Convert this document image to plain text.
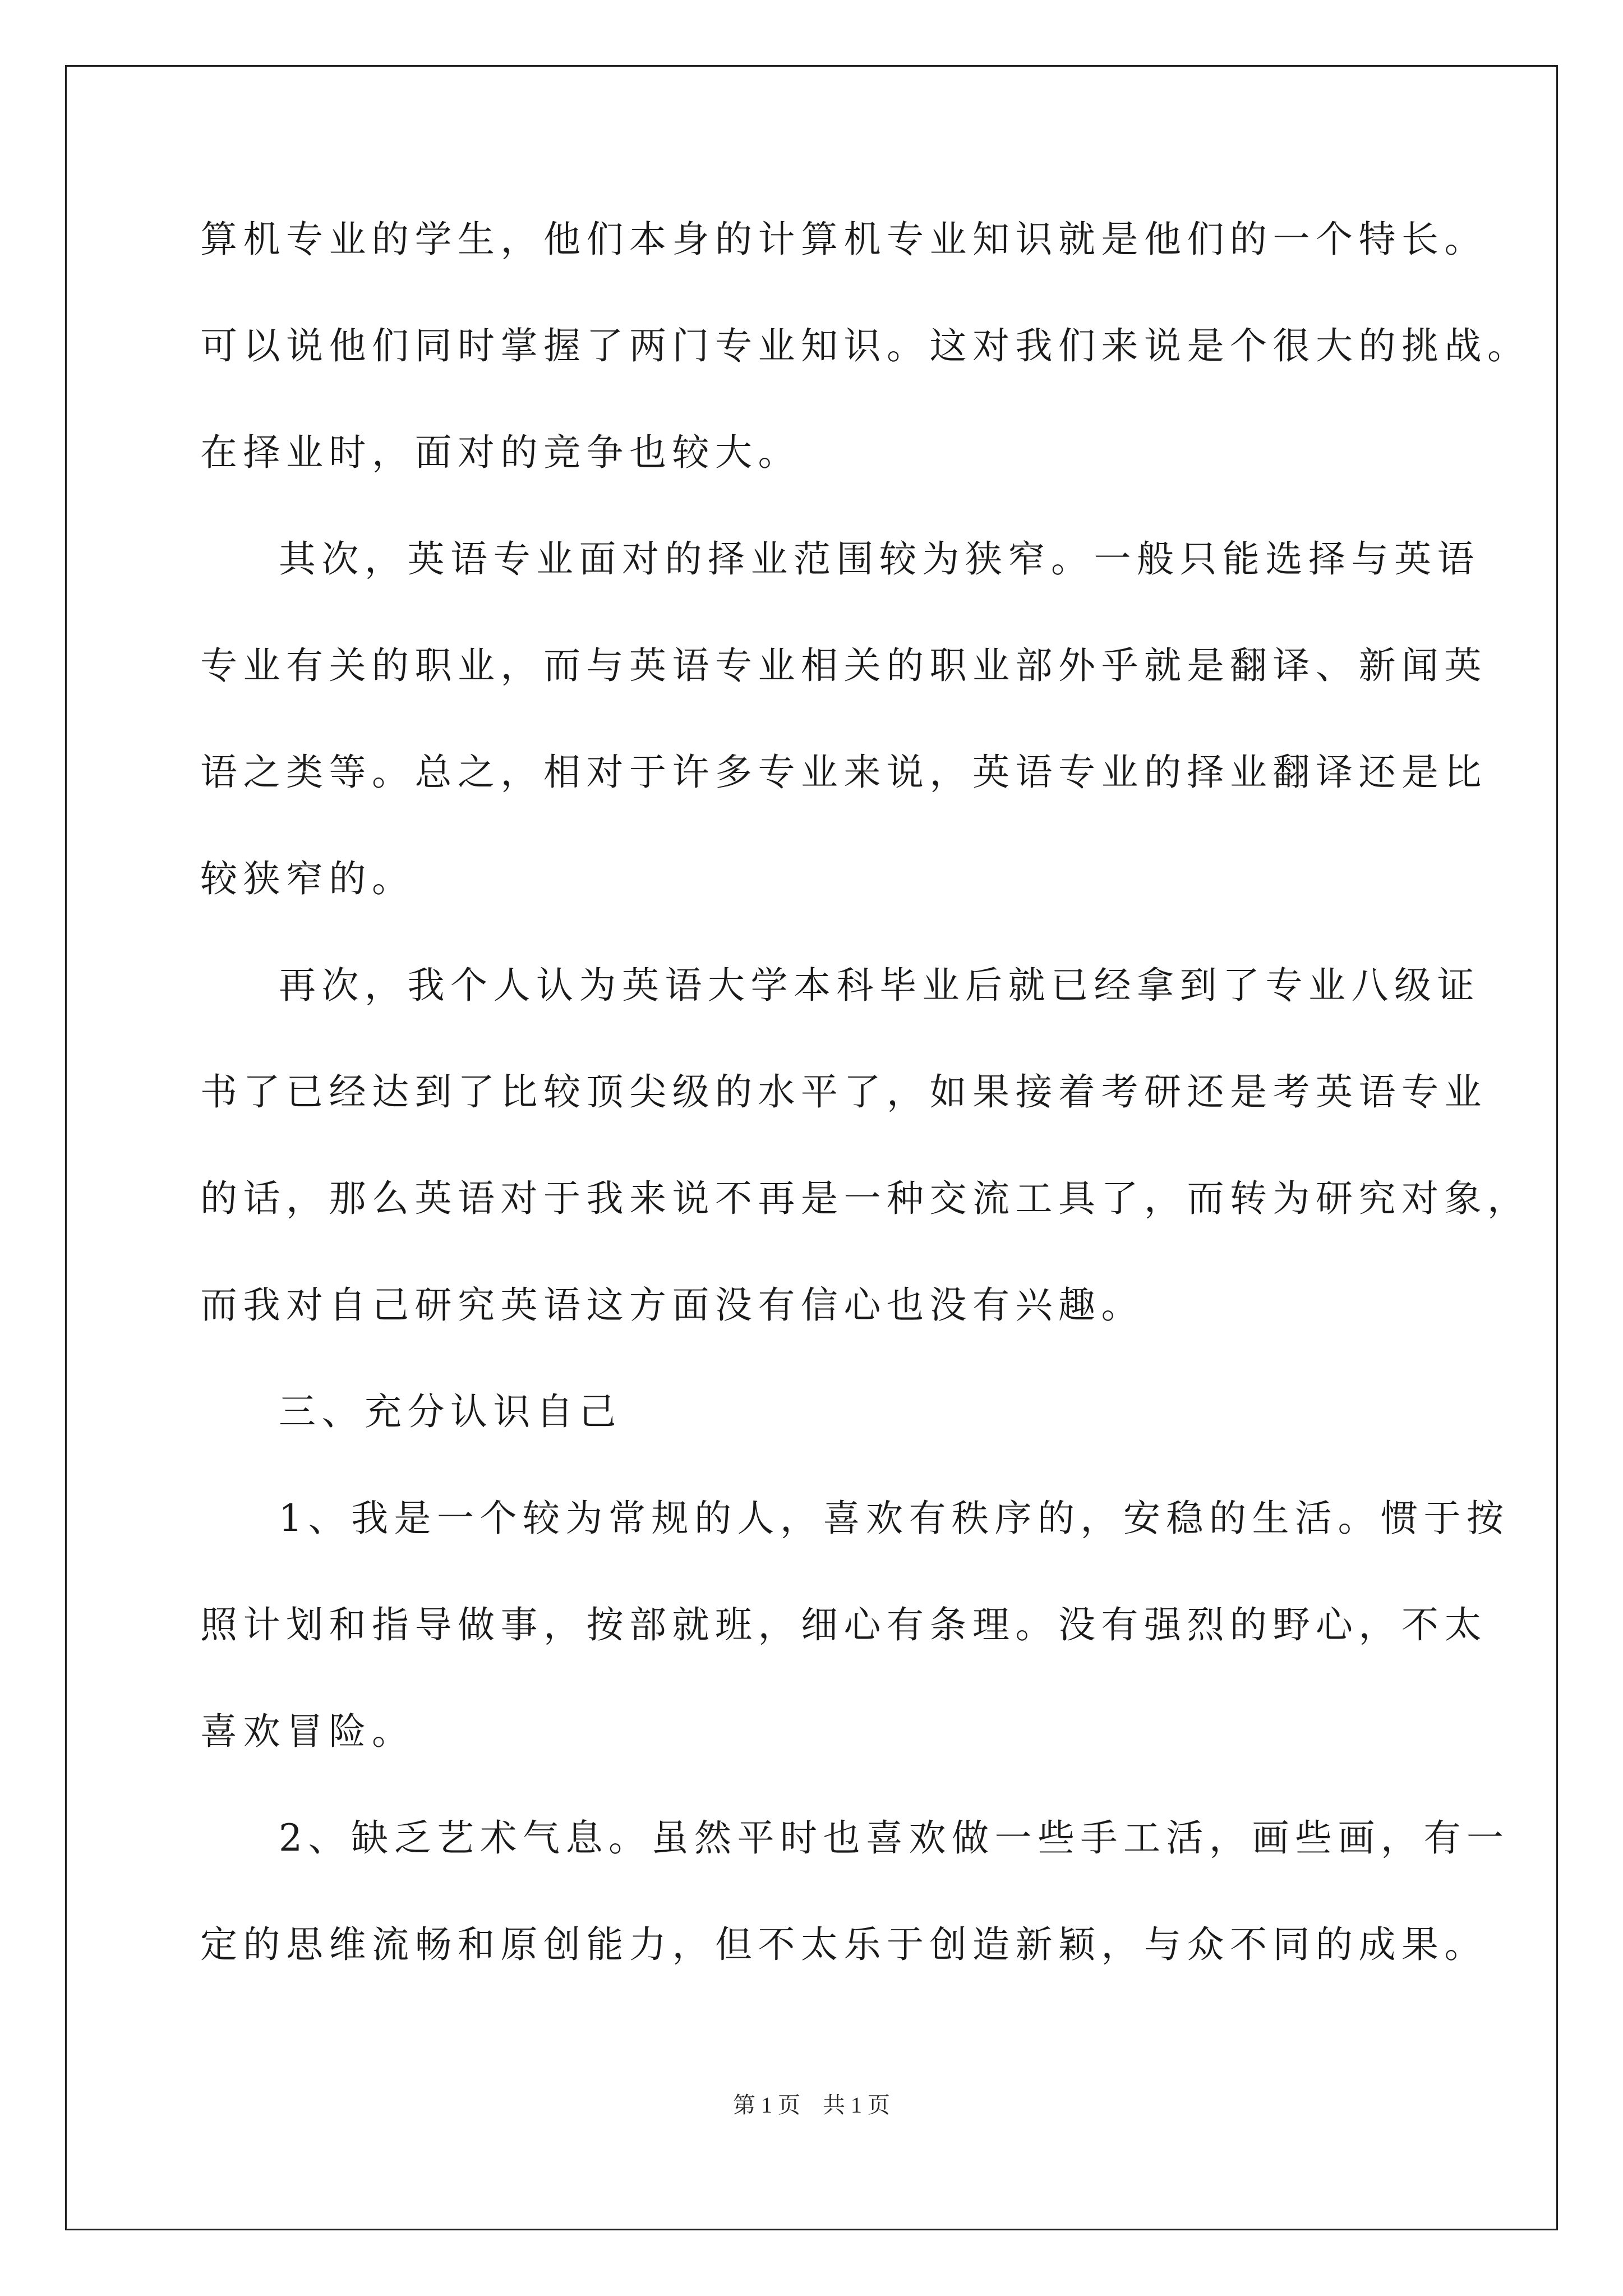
算机专业的学生，他们本身的计算机专业知识就是他们的一个特长。
可以说他们同时掌握了两门专业知识。这对我们来说是个很大的挑战。
在择业时，面对的竞争也较大。
其次，英语专业面对的择业范围较为狭窄。一般只能选择与英语
专业有关的职业，而与英语专业相关的职业部外乎就是翻译、新闻英
语之类等。总之，相对于许多专业来说，英语专业的择业翻译还是比
较狭窄的。
再次，我个人认为英语大学本科毕业后就已经拿到了专业八级证
书了已经达到了比较顶尖级的水平了，如果接着考研还是考英语专业
的话，那么英语对于我来说不再是一种交流工具了，而转为研究对象，
而我对自己研究英语这方面没有信心也没有兴趣。
三、充分认识自己
1、我是一个较为常规的人，喜欢有秩序的，安稳的生活。惯于按
照计划和指导做事，按部就班，细心有条理。没有强烈的野心，不太
喜欢冒险。
2、缺乏艺术气息。虽然平时也喜欢做一些手工活，画些画，有一
定的思维流畅和原创能力，但不太乐于创造新颖，与众不同的成果。
第 1 页　共 1 页
